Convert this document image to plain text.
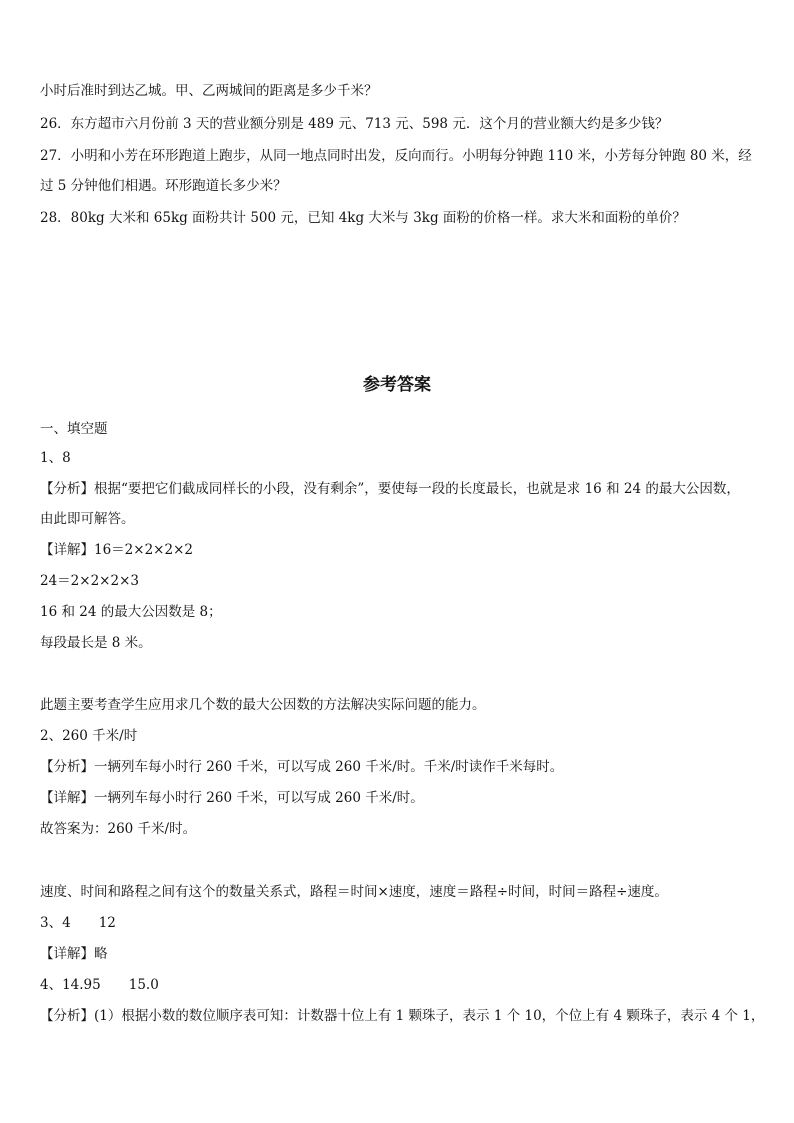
小时后准时到达乙城。甲、乙两城间的距离是多少千米？
26．东方超市六月份前 3 天的营业额分别是 489 元、713 元、598 元．这个月的营业额大约是多少钱？
27．小明和小芳在环形跑道上跑步，从同一地点同时出发，反向而行。小明每分钟跑 110 米，小芳每分钟跑 80 米，经
过 5 分钟他们相遇。环形跑道长多少米？
28．80kg 大米和 65kg 面粉共计 500 元，已知 4kg 大米与 3kg 面粉的价格一样。求大米和面粉的单价？
参考答案
一、填空题
1、8
【分析】根据“要把它们截成同样长的小段，没有剩余”，要使每一段的长度最长，也就是求 16 和 24 的最大公因数，
由此即可解答。
【详解】16＝2×2×2×2
24＝2×2×2×3
16 和 24 的最大公因数是 8；
每段最长是 8 米。
此题主要考查学生应用求几个数的最大公因数的方法解决实际问题的能力。
2、260 千米/时
【分析】一辆列车每小时行 260 千米，可以写成 260 千米/时。千米/时读作千米每时。
【详解】一辆列车每小时行 260 千米，可以写成 260 千米/时。
故答案为：260 千米/时。
速度、时间和路程之间有这个的数量关系式，路程＝时间×速度，速度＝路程÷时间，时间＝路程÷速度。
3、4 12
【详解】略
4、14.95 15.0
【分析】(1）根据小数的数位顺序表可知：计数器十位上有 1 颗珠子，表示 1 个 10，个位上有 4 颗珠子，表示 4 个 1，
